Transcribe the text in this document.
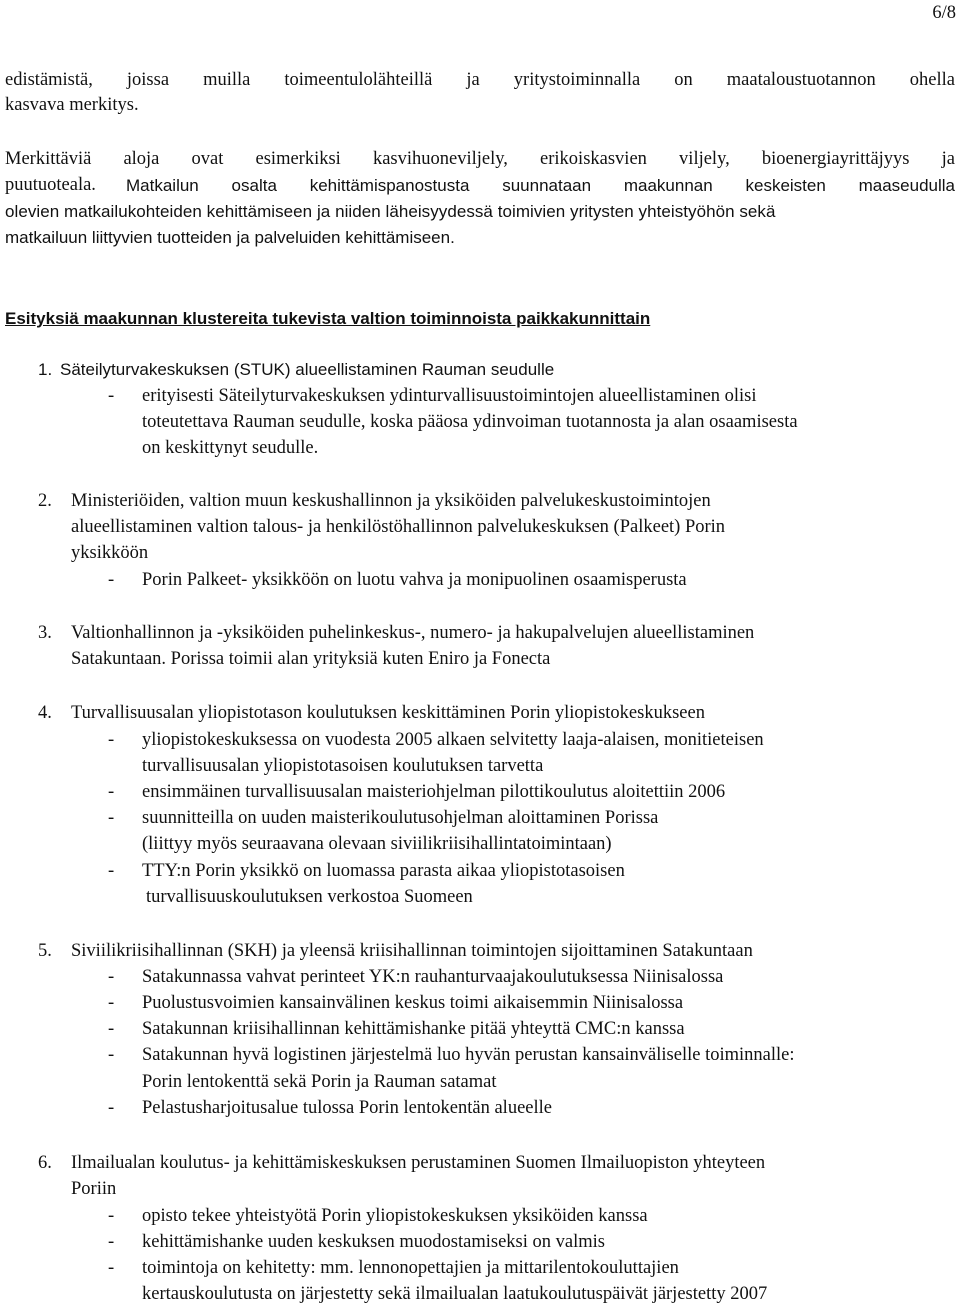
6/8
edistämistä, joissa muilla toimeentulolähteillä ja yritystoiminnalla on maataloustuotannon ohella
kasvava merkitys.
Merkittäviä aloja ovat esimerkiksi kasvihuoneviljely, erikoiskasvien viljely, bioenergiayrittäjyys ja
puutuoteala. Matkailun osalta kehittämispanostusta suunnataan maakunnan keskeisten maaseudulla
olevien matkailukohteiden kehittämiseen ja niiden läheisyydessä toimivien yritysten yhteistyöhön sekä
matkailuun liittyvien tuotteiden ja palveluiden kehittämiseen.
Esityksiä maakunnan klustereita tukevista valtion toiminnoista paikkakunnittain
1. Säteilyturvakeskuksen (STUK) alueellistaminen Rauman seudulle
- erityisesti Säteilyturvakeskuksen ydinturvallisuustoimintojen alueellistaminen olisi
toteutettava Rauman seudulle, koska pääosa ydinvoiman tuotannosta ja alan osaamisesta
on keskittynyt seudulle.
2. Ministeriöiden, valtion muun keskushallinnon ja yksiköiden palvelukeskustoimintojen
alueellistaminen valtion talous- ja henkilöstöhallinnon palvelukeskuksen (Palkeet) Porin
yksikköön
- Porin Palkeet- yksikköön on luotu vahva ja monipuolinen osaamisperusta
3. Valtionhallinnon ja -yksiköiden puhelinkeskus-, numero- ja hakupalvelujen alueellistaminen
Satakuntaan. Porissa toimii alan yrityksiä kuten Eniro ja Fonecta
4. Turvallisuusalan yliopistotason koulutuksen keskittäminen Porin yliopistokeskukseen
- yliopistokeskuksessa on vuodesta 2005 alkaen selvitetty laaja-alaisen, monitieteisen
turvallisuusalan yliopistotasoisen koulutuksen tarvetta
- ensimmäinen turvallisuusalan maisteriohjelman pilottikoulutus aloitettiin 2006
- suunnitteilla on uuden maisterikoulutusohjelman aloittaminen Porissa
(liittyy myös seuraavana olevaan siviilikriisihallintatoimintaan)
- TTY:n Porin yksikkö on luomassa parasta aikaa yliopistotasoisen
turvallisuuskoulutuksen verkostoa Suomeen
5. Siviilikriisihallinnan (SKH) ja yleensä kriisihallinnan toimintojen sijoittaminen Satakuntaan
- Satakunnassa vahvat perinteet YK:n rauhanturvaajakoulutuksessa Niinisalossa
- Puolustusvoimien kansainvälinen keskus toimi aikaisemmin Niinisalossa
- Satakunnan kriisihallinnan kehittämishanke pitää yhteyttä CMC:n kanssa
- Satakunnan hyvä logistinen järjestelmä luo hyvän perustan kansainväliselle toiminnalle:
Porin lentokenttä sekä Porin ja Rauman satamat
- Pelastusharjoitusalue tulossa Porin lentokentän alueelle
6. Ilmailualan koulutus- ja kehittämiskeskuksen perustaminen Suomen Ilmailuopiston yhteyteen
Poriin
- opisto tekee yhteistyötä Porin yliopistokeskuksen yksiköiden kanssa
- kehittämishanke uuden keskuksen muodostamiseksi on valmis
- toimintoja on kehitetty: mm. lennonopettajien ja mittarilentokouluttajien
kertauskoulutusta on järjestetty sekä ilmailualan laatukoulutuspäivät järjestetty 2007
